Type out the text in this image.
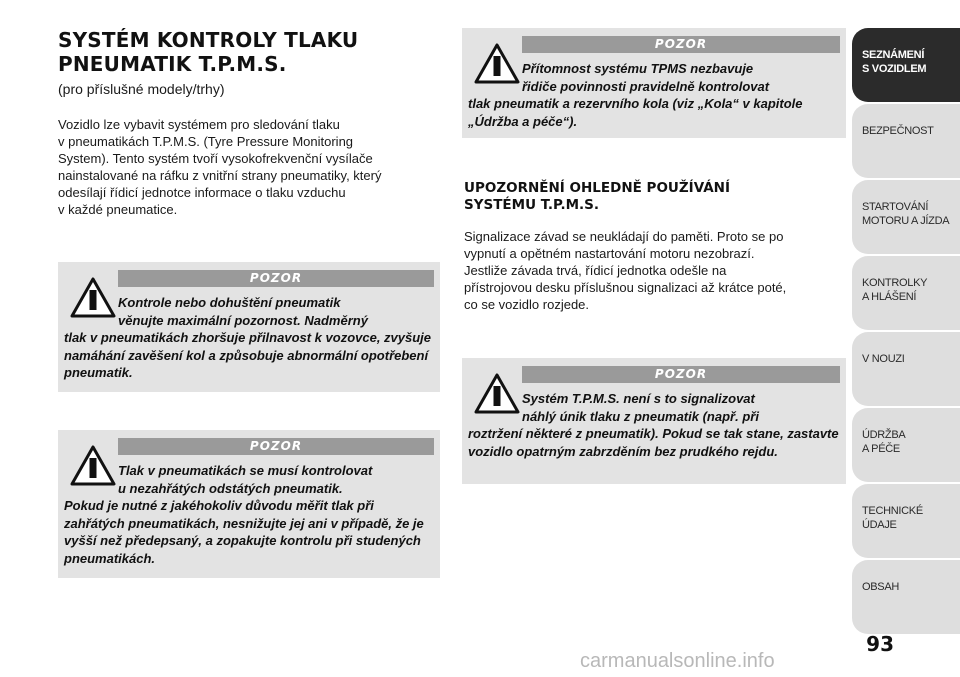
SYSTÉM KONTROLY TLAKU
PNEUMATIK T.P.M.S.
(pro příslušné modely/trhy)
Vozidlo lze vybavit systémem pro sledování tlaku
v pneumatikách T.P.M.S. (Tyre Pressure Monitoring
System). Tento systém tvoří vysokofrekvenční vysílače
nainstalované na ráfku z vnitřní strany pneumatiky, který
odesílají řídicí jednotce informace o tlaku vzduchu
v každé pneumatice.
POZOR
Kontrole nebo dohuštění pneumatik
věnujte maximální pozornost. Nadměrný
tlak v pneumatikách zhoršuje přilnavost k vozovce, zvyšuje namáhání zavěšení kol a způsobuje abnormální opotřebení pneumatik.
POZOR
Tlak v pneumatikách se musí kontrolovat
u nezahřátých odstátých pneumatik.
Pokud je nutné z jakéhokoliv důvodu měřit tlak při zahřátých pneumatikách, nesnižujte jej ani v případě, že je vyšší než předepsaný, a zopakujte kontrolu při studených pneumatikách.
POZOR
Přítomnost systému TPMS nezbavuje
řidiče povinnosti pravidelně kontrolovat
tlak pneumatik a rezervního kola (viz „Kola“ v kapitole „Údržba a péče“).
UPOZORNĚNÍ OHLEDNĚ POUŽÍVÁNÍ
SYSTÉMU T.P.M.S.
Signalizace závad se neukládají do paměti. Proto se po
vypnutí a opětném nastartování motoru nezobrazí.
Jestliže závada trvá, řídicí jednotka odešle na
přístrojovou desku příslušnou signalizaci až krátce poté,
co se vozidlo rozjede.
POZOR
Systém T.P.M.S. není s to signalizovat
náhlý únik tlaku z pneumatik (např. při
roztržení některé z pneumatik). Pokud se tak stane, zastavte vozidlo opatrným zabrzděním bez prudkého rejdu.
SEZNÁMENÍ
S VOZIDLEM
BEZPEČNOST
STARTOVÁNÍ
MOTORU A JÍZDA
KONTROLKY
A HLÁŠENÍ
V NOUZI
ÚDRŽBA
A PÉČE
TECHNICKÉ
ÚDAJE
OBSAH
93
carmanualsonline.info
